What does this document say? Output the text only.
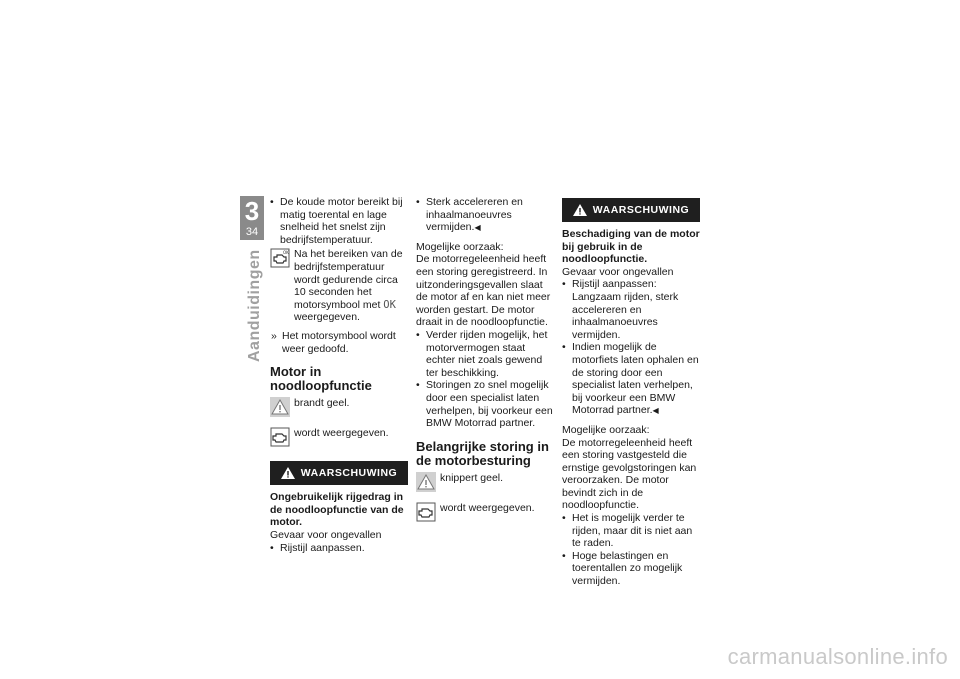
3
34
Aanduidingen

• De koude motor bereikt bij matig toerental en lage snelheid het snelst zijn bedrijfstemperatuur.

OK Na het bereiken van de bedrijfstemperatuur wordt gedurende circa 10 seconden het motorsymbool met OK weergegeven.

» Het motorsymbool wordt weer gedoofd.

Motor in noodloopfunctie
brandt geel.
wordt weergegeven.
WAARSCHUWING

Ongebruikelijk rijgedrag in de noodloopfunctie van de motor.

Gevaar voor ongevallen

• Rijstijl aanpassen.

• Sterk accelereren en inhaalmanoeuvres vermijden.◀

Mogelijke oorzaak:

De motorregeleenheid heeft een storing geregistreerd. In uitzonderingsgevallen slaat de motor af en kan niet meer worden gestart. De motor draait in de noodloopfunctie.

• Verder rijden mogelijk, het motorvermogen staat echter niet zoals gewend ter beschikking.

• Storingen zo snel mogelijk door een specialist laten verhelpen, bij voorkeur een BMW Motorrad partner.

Belangrijke storing in de motorbesturing
knippert geel.
wordt weergegeven.
WAARSCHUWING

Beschadiging van de motor bij gebruik in de noodloopfunctie.

Gevaar voor ongevallen

• Rijstijl aanpassen: Langzaam rijden, sterk accelereren en inhaalmanoeuvres vermijden.

• Indien mogelijk de motorfiets laten ophalen en de storing door een specialist laten verhelpen, bij voorkeur een BMW Motorrad partner.◀

Mogelijke oorzaak:

De motorregeleenheid heeft een storing vastgesteld die ernstige gevolgstoringen kan veroorzaken. De motor bevindt zich in de noodloopfunctie.

• Het is mogelijk verder te rijden, maar dit is niet aan te raden.

• Hoge belastingen en toerentallen zo mogelijk vermijden.

carmanualsonline.info
